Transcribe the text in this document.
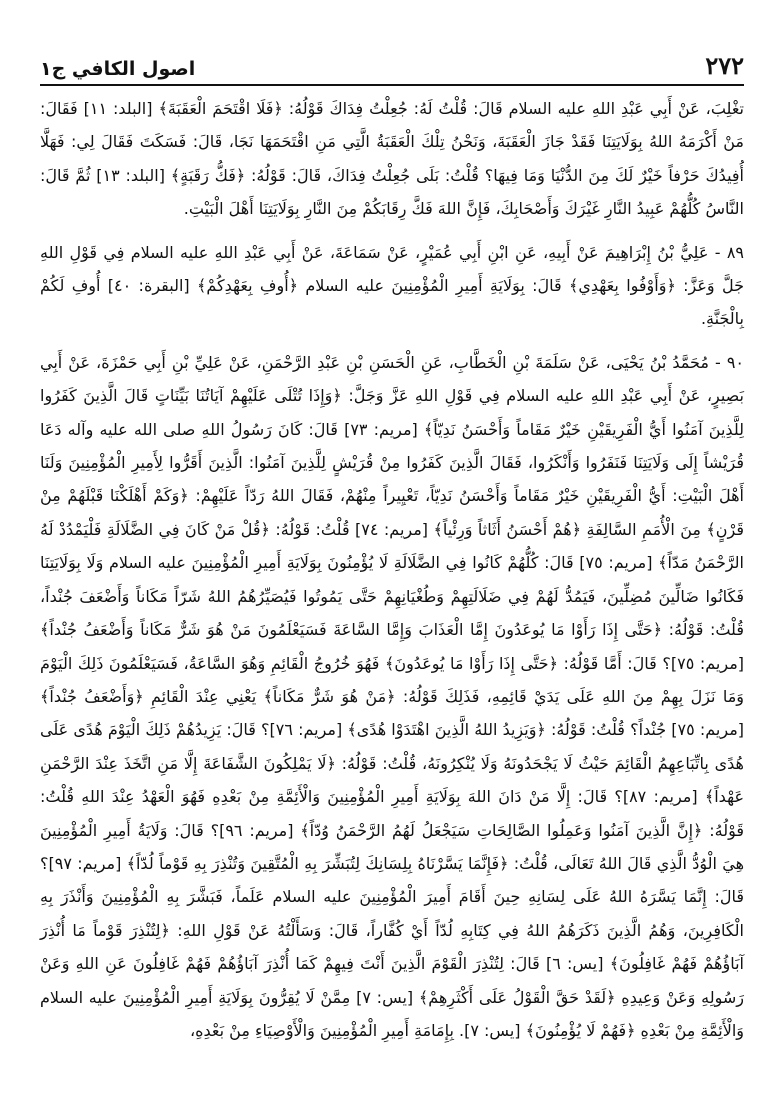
٢٧٢
اصول الكافي ج۱

تغْلِبَ، عَنْ أَبِي عَبْدِ اللهِ عليه السلام قَالَ: قُلْتُ لَهُ: جُعِلْتُ فِدَاكَ قَوْلُهُ: ﴿فَلَا اقْتَحَمَ الْعَقَبَةَ﴾ [البلد: ١١] فَقَالَ: مَنْ أَكْرَمَهُ اللهُ بِوَلَايَتِنَا فَقَدْ جَازَ الْعَقَبَةَ، وَنَحْنُ تِلْكَ الْعَقَبَةُ الَّتِي مَنِ اقْتَحَمَهَا نَجَا، قَالَ: فَسَكَتَ فَقَالَ لِي: فَهَلَّا أُفِيدُكَ حَرْفاً خَيْرٌ لَكَ مِنَ الدُّنْيَا وَمَا فِيهَا؟ قُلْتُ: بَلَى جُعِلْتُ فِدَاكَ، قَالَ: قَوْلُهُ: ﴿فَكُّ رَقَبَةٍ﴾ [البلد: ١٣] ثُمَّ قَالَ: النَّاسُ كُلُّهُمْ عَبِيدُ النَّارِ غَيْرَكَ وَأَصْحَابِكَ، فَإِنَّ اللهَ فَكَّ رِقَابَكُمْ مِنَ النَّارِ بِوَلَايَتِنَا أَهْلَ الْبَيْتِ.

٨٩ - عَلِيُّ بْنُ إِبْرَاهِيمَ عَنْ أَبِيهِ، عَنِ ابْنِ أَبِي عُمَيْرٍ، عَنْ سَمَاعَةَ، عَنْ أَبِي عَبْدِ اللهِ عليه السلام فِي قَوْلِ اللهِ جَلَّ وَعَزَّ: ﴿وَأَوْفُوا بِعَهْدِي﴾ قَالَ: بِوَلَايَةِ أَمِيرِ الْمُؤْمِنِينَ عليه السلام ﴿أُوفِ بِعَهْدِكُمْ﴾ [البقرة: ٤٠] أُوفِ لَكُمْ بِالْجَنَّةِ.

٩٠ - مُحَمَّدُ بْنُ يَحْيَى، عَنْ سَلَمَةَ بْنِ الْخَطَّابِ، عَنِ الْحَسَنِ بْنِ عَبْدِ الرَّحْمَنِ، عَنْ عَلِيِّ بْنِ أَبِي حَمْزَةَ، عَنْ أَبِي بَصِيرٍ، عَنْ أَبِي عَبْدِ اللهِ عليه السلام فِي قَوْلِ اللهِ عَزَّ وَجَلَّ: ﴿وَإِذَا تُتْلَى عَلَيْهِمْ آيَاتُنَا بَيِّنَاتٍ قَالَ الَّذِينَ كَفَرُوا لِلَّذِينَ آمَنُوا أَيُّ الْفَرِيقَيْنِ خَيْرٌ مَقَاماً وَأَحْسَنُ نَدِيّاً﴾ [مريم: ٧٣] قَالَ: كَانَ رَسُولُ اللهِ صلى الله عليه وآله دَعَا قُرَيْشاً إِلَى وَلَايَتِنَا فَنَفَرُوا وَأَنْكَرُوا، فَقَالَ الَّذِينَ كَفَرُوا مِنْ قُرَيْشٍ لِلَّذِينَ آمَنُوا: الَّذِينَ أَقَرُّوا لِأَمِيرِ الْمُؤْمِنِينَ وَلَنَا أَهْلَ الْبَيْتِ: أَيُّ الْفَرِيقَيْنِ خَيْرٌ مَقَاماً وَأَحْسَنُ نَدِيّاً، تَعْيِيراً مِنْهُمْ، فَقَالَ اللهُ رَدّاً عَلَيْهِمْ: ﴿وَكَمْ أَهْلَكْنَا قَبْلَهُمْ مِنْ قَرْنٍ﴾ مِنَ الْأُمَمِ السَّالِفَةِ ﴿هُمْ أَحْسَنُ أَثَاثاً وَرِئْياً﴾ [مريم: ٧٤] قُلْتُ: قَوْلُهُ: ﴿قُلْ مَنْ كَانَ فِي الضَّلَالَةِ فَلْيَمْدُدْ لَهُ الرَّحْمَنُ مَدّاً﴾ [مريم: ٧٥] قَالَ: كُلُّهُمْ كَانُوا فِي الضَّلَالَةِ لَا يُؤْمِنُونَ بِوَلَايَةِ أَمِيرِ الْمُؤْمِنِينَ عليه السلام وَلَا بِوَلَايَتِنَا فَكَانُوا ضَالِّينَ مُضِلِّينَ، فَيَمُدُّ لَهُمْ فِي ضَلَالَتِهِمْ وَطُغْيَانِهِمْ حَتَّى يَمُوتُوا فَيُصَيِّرُهُمُ اللهُ شَرّاً مَكَاناً وَأَضْعَفَ جُنْداً، قُلْتُ: قَوْلُهُ: ﴿حَتَّى إِذَا رَأَوْا مَا يُوعَدُونَ إِمَّا الْعَذَابَ وَإِمَّا السَّاعَةَ فَسَيَعْلَمُونَ مَنْ هُوَ شَرٌّ مَكَاناً وَأَضْعَفُ جُنْداً﴾ [مريم: ٧٥]؟ قَالَ: أَمَّا قَوْلُهُ: ﴿حَتَّى إِذَا رَأَوْا مَا يُوعَدُونَ﴾ فَهُوَ خُرُوجُ الْقَائِمِ وَهُوَ السَّاعَةُ، فَسَيَعْلَمُونَ ذَلِكَ الْيَوْمَ وَمَا نَزَلَ بِهِمْ مِنَ اللهِ عَلَى يَدَيْ قَائِمِهِ، فَذَلِكَ قَوْلُهُ: ﴿مَنْ هُوَ شَرٌّ مَكَاناً﴾ يَعْنِي عِنْدَ الْقَائِمِ ﴿وَأَضْعَفُ جُنْداً﴾ [مريم: ٧٥] جُنْداً؟ قُلْتُ: قَوْلُهُ: ﴿وَيَزِيدُ اللهُ الَّذِينَ اهْتَدَوْا هُدًى﴾ [مريم: ٧٦]؟ قَالَ: يَزِيدُهُمْ ذَلِكَ الْيَوْمَ هُدًى عَلَى هُدًى بِاتِّبَاعِهِمُ الْقَائِمَ حَيْثُ لَا يَجْحَدُونَهُ وَلَا يُنْكِرُونَهُ، قُلْتُ: قَوْلُهُ: ﴿لَا يَمْلِكُونَ الشَّفَاعَةَ إِلَّا مَنِ اتَّخَذَ عِنْدَ الرَّحْمَنِ عَهْداً﴾ [مريم: ٨٧]؟ قَالَ: إِلَّا مَنْ دَانَ اللهَ بِوَلَايَةِ أَمِيرِ الْمُؤْمِنِينَ وَالْأَئِمَّةِ مِنْ بَعْدِهِ فَهُوَ الْعَهْدُ عِنْدَ اللهِ قُلْتُ: قَوْلُهُ: ﴿إِنَّ الَّذِينَ آمَنُوا وَعَمِلُوا الصَّالِحَاتِ سَيَجْعَلُ لَهُمُ الرَّحْمَنُ وُدّاً﴾ [مريم: ٩٦]؟ قَالَ: وَلَايَةُ أَمِيرِ الْمُؤْمِنِينَ هِيَ الْوُدُّ الَّذِي قَالَ اللهُ تَعَالَى، قُلْتُ: ﴿فَإِنَّمَا يَسَّرْنَاهُ بِلِسَانِكَ لِتُبَشِّرَ بِهِ الْمُتَّقِينَ وَتُنْذِرَ بِهِ قَوْماً لُدّاً﴾ [مريم: ٩٧]؟ قَالَ: إِنَّمَا يَسَّرَهُ اللهُ عَلَى لِسَانِهِ حِينَ أَقَامَ أَمِيرَ الْمُؤْمِنِينَ عليه السلام عَلَماً، فَبَشَّرَ بِهِ الْمُؤْمِنِينَ وَأَنْذَرَ بِهِ الْكَافِرِينَ، وَهُمُ الَّذِينَ ذَكَرَهُمُ اللهُ فِي كِتَابِهِ لُدّاً أَيْ كُفَّاراً، قَالَ: وَسَأَلْتُهُ عَنْ قَوْلِ اللهِ: ﴿لِتُنْذِرَ قَوْماً مَا أُنْذِرَ آبَاؤُهُمْ فَهُمْ غَافِلُونَ﴾ [يس: ٦] قَالَ: لِتُنْذِرَ الْقَوْمَ الَّذِينَ أَنْتَ فِيهِمْ كَمَا أُنْذِرَ آبَاؤُهُمْ فَهُمْ غَافِلُونَ عَنِ اللهِ وَعَنْ رَسُولِهِ وَعَنْ وَعِيدِهِ ﴿لَقَدْ حَقَّ الْقَوْلُ عَلَى أَكْثَرِهِمْ﴾ [يس: ٧] مِمَّنْ لَا يُقِرُّونَ بِوَلَايَةِ أَمِيرِ الْمُؤْمِنِينَ عليه السلام وَالْأَئِمَّةِ مِنْ بَعْدِهِ ﴿فَهُمْ لَا يُؤْمِنُونَ﴾ [يس: ٧]. بِإِمَامَةِ أَمِيرِ الْمُؤْمِنِينَ وَالْأَوْصِيَاءِ مِنْ بَعْدِهِ،
